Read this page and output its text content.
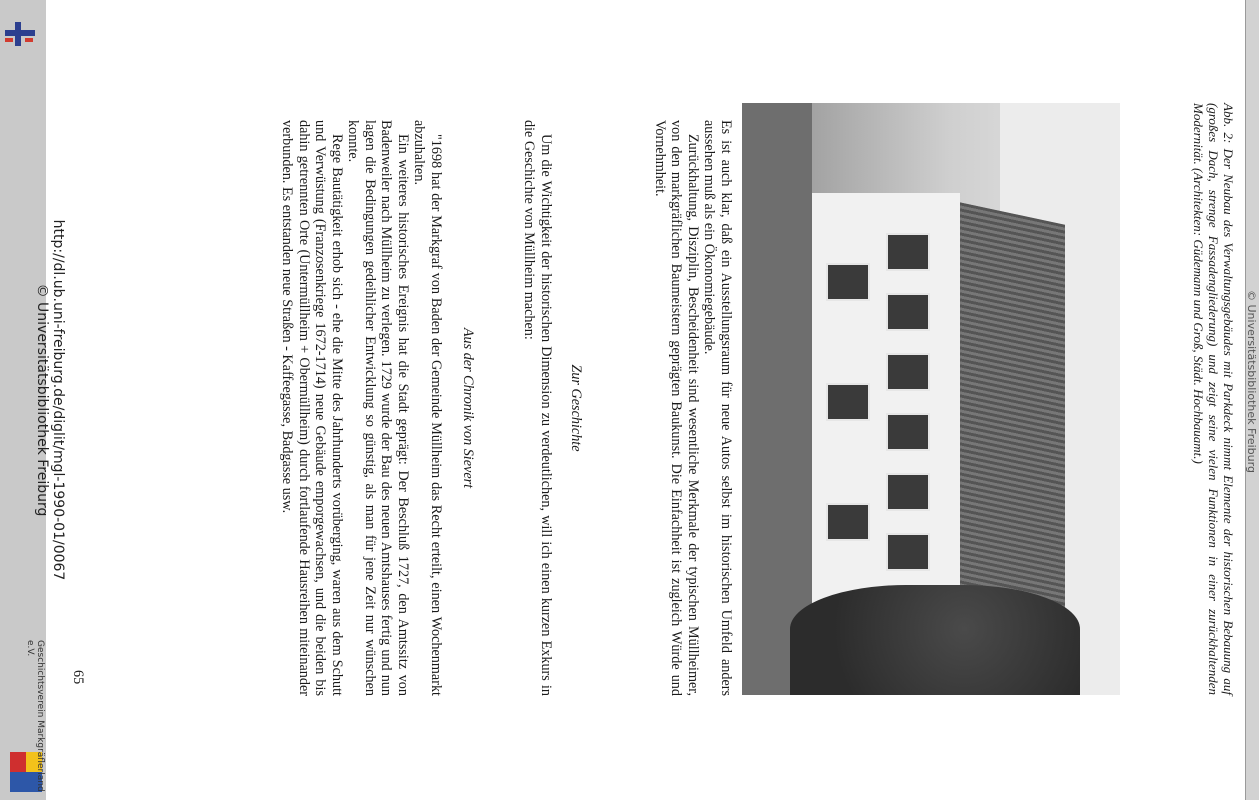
Geschichtsverein Markgräflerland e.V.	Abb. 2: Der Neubau des Verwaltungsgebäudes mit Parkdeck nimmt Elemente der historischen Bebauung auf (großes Dach, strenge Fassadengliederung) und zeigt seine vielen Funktionen in einer zurückhaltenden Modernität. (Architekten: Güdemann und Groß, Städt. Hochbauamt.)

Es ist auch klar, daß ein Ausstellungsraum für neue Autos selbst im historischen Umfeld anders aussehen muß als ein Ökonomiegebäude.

Zurückhaltung, Disziplin, Bescheidenheit sind wesentliche Merkmale der typischen Müllheimer, von den markgräflichen Baumeistern geprägten Baukunst. Die Einfachheit ist zugleich Würde und Vornehmheit.

Zur Geschichte
Um die Wichtigkeit der historischen Dimension zu verdeutlichen, will ich einen kurzen Exkurs in die Geschichte von Müllheim machen:
Aus der Chronik von Sievert

"1698 hat der Markgraf von Baden der Gemeinde Müllheim das Recht erteilt, einen Wochenmarkt abzuhalten.

Ein weiteres historisches Ereignis hat die Stadt geprägt: Der Beschluß 1727, den Amtssitz von Badenweiler nach Müllheim zu verlegen. 1729 wurde der Bau des neuen Amtshauses fertig und nun lagen die Bedingungen gedeihlicher Entwicklung so günstig, als man für jene Zeit nur wünschen konnte.

Rege Bautätigkeit erhob sich - ehe die Mitte des Jahrhunderts vorüberging, waren aus dem Schutt und Verwüstung (Franzosenkriege 1672-1714) neue Gebäude emporgewachsen, und die beiden bis dahin getrennten Orte (Untermüllheim + Obermüllheim) durch fortlaufende Hausreihen miteinander verbunden. Es entstanden neue Straßen - Kaffeegasse, Badgasse usw.

65
http://dl.ub.uni-freiburg.de/diglit/mgl-1990-01/0067
© Universitätsbibliothek Freiburg	© Universitätsbibliothek Freiburg
